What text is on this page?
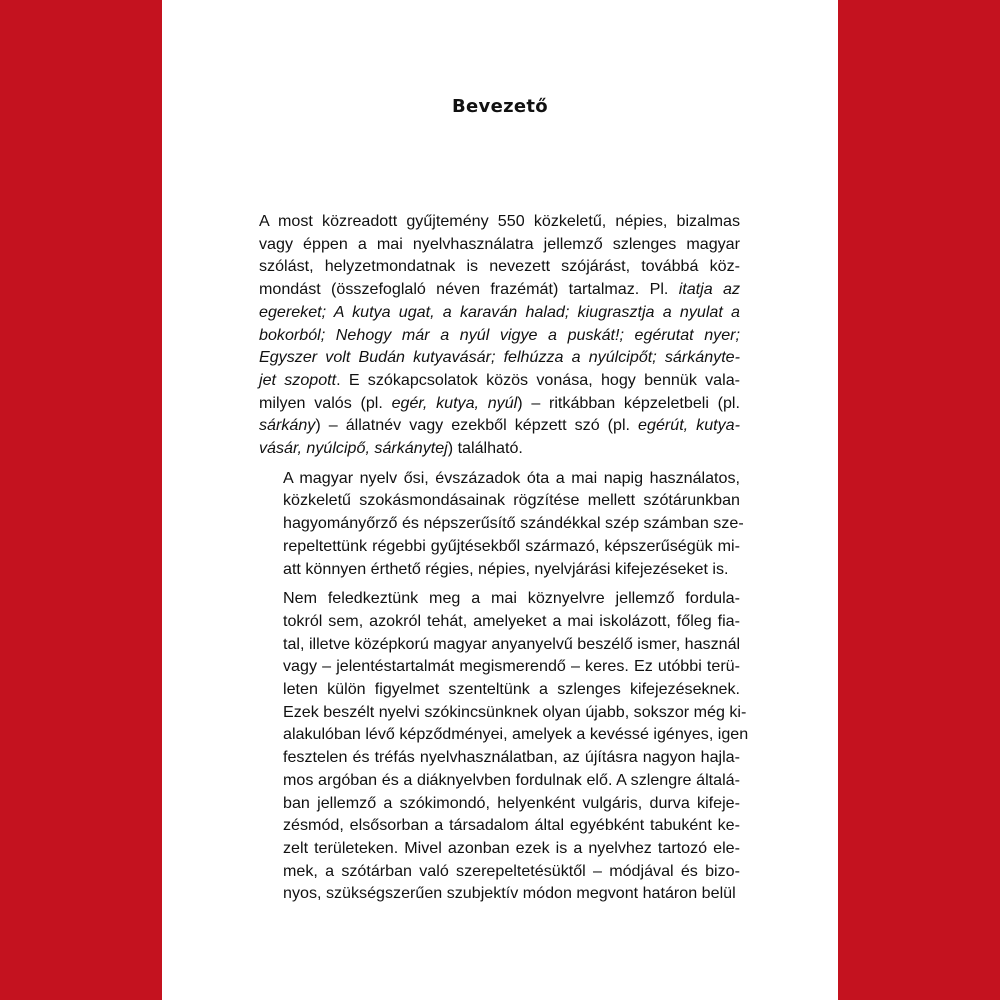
Bevezető

A most közreadott gyűjtemény 550 közkeletű, népies, bizalmas
vagy éppen a mai nyelvhasználatra jellemző szlenges magyar
szólást, helyzetmondatnak is nevezett szójárást, továbbá köz-
mondást (összefoglaló néven frazémát) tartalmaz. Pl. itatja az
egereket; A kutya ugat, a karaván halad; kiugrasztja a nyulat a
bokorból; Nehogy már a nyúl vigye a puskát!; egérutat nyer;
Egyszer volt Budán kutyavásár; felhúzza a nyúlcipőt; sárkányte-
jet szopott. E szókapcsolatok közös vonása, hogy bennük vala-
milyen valós (pl. egér, kutya, nyúl) – ritkábban képzeletbeli (pl.
sárkány) – állatnév vagy ezekből képzett szó (pl. egérút, kutya-
vásár, nyúlcipő, sárkánytej) található.

A magyar nyelv ősi, évszázadok óta a mai napig használatos,
közkeletű szokásmondásainak rögzítése mellett szótárunkban
hagyományőrző és népszerűsítő szándékkal szép számban sze-
repeltettünk régebbi gyűjtésekből származó, képszerűségük mi-
att könnyen érthető régies, népies, nyelvjárási kifejezéseket is.

Nem feledkeztünk meg a mai köznyelvre jellemző fordula-
tokról sem, azokról tehát, amelyeket a mai iskolázott, főleg fia-
tal, illetve középkorú magyar anyanyelvű beszélő ismer, használ
vagy – jelentéstartalmát megismerendő – keres. Ez utóbbi terü-
leten külön figyelmet szenteltünk a szlenges kifejezéseknek.
Ezek beszélt nyelvi szókincsünknek olyan újabb, sokszor még ki-
alakulóban lévő képződményei, amelyek a kevéssé igényes, igen
fesztelen és tréfás nyelvhasználatban, az újításra nagyon hajla-
mos argóban és a diáknyelvben fordulnak elő. A szlengre általá-
ban jellemző a szókimondó, helyenként vulgáris, durva kifeje-
zésmód, elsősorban a társadalom által egyébként tabuként ke-
zelt területeken. Mivel azonban ezek is a nyelvhez tartozó ele-
mek, a szótárban való szerepeltetésüktől – módjával és bizo-
nyos, szükségszerűen szubjektív módon megvont határon belül
